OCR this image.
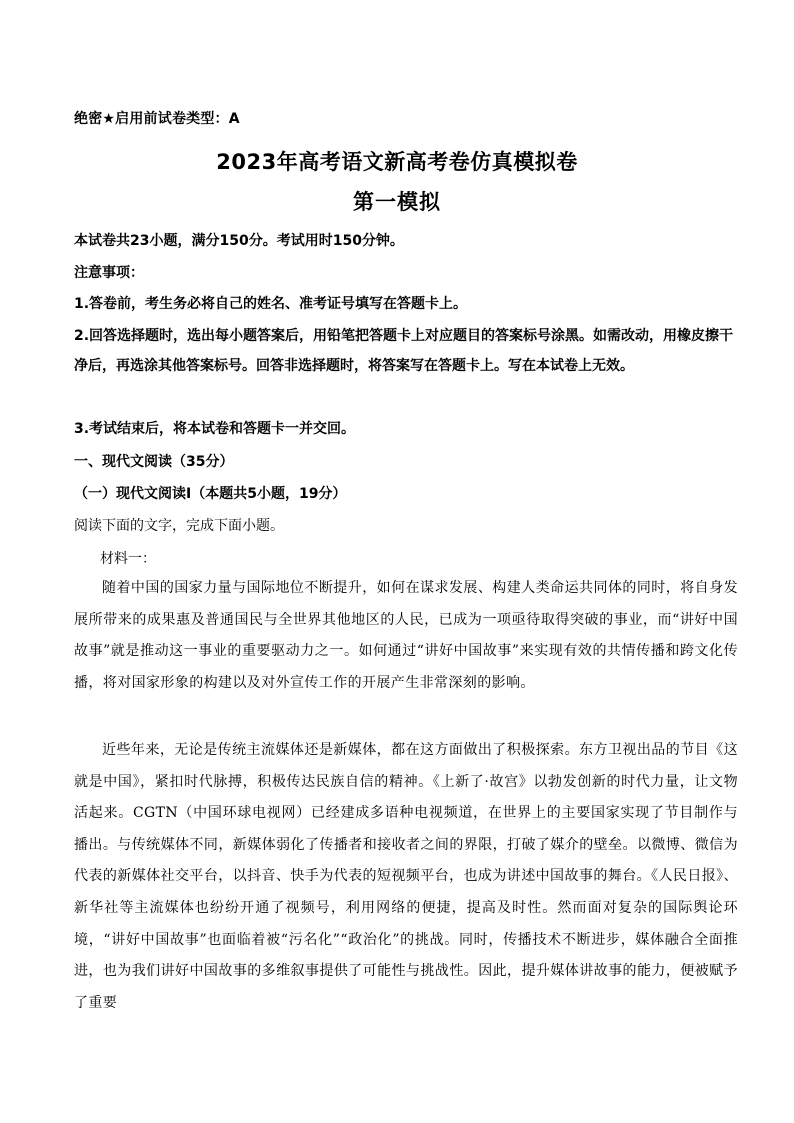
绝密★启用前试卷类型：A
2023年高考语文新高考卷仿真模拟卷
第一模拟
本试卷共23小题，满分150分。考试用时150分钟。
注意事项：
1.答卷前，考生务必将自己的姓名、准考证号填写在答题卡上。
2.回答选择题时，选出每小题答案后，用铅笔把答题卡上对应题目的答案标号涂黑。如需改动，用橡皮擦干净后，再选涂其他答案标号。回答非选择题时，将答案写在答题卡上。写在本试卷上无效。
3.考试结束后，将本试卷和答题卡一并交回。
一、现代文阅读（35分）
（一）现代文阅读Ⅰ（本题共5小题，19分）
阅读下面的文字，完成下面小题。
材料一：
随着中国的国家力量与国际地位不断提升，如何在谋求发展、构建人类命运共同体的同时，将自身发展所带来的成果惠及普通国民与全世界其他地区的人民，已成为一项亟待取得突破的事业，而“讲好中国故事”就是推动这一事业的重要驱动力之一。如何通过“讲好中国故事”来实现有效的共情传播和跨文化传播，将对国家形象的构建以及对外宣传工作的开展产生非常深刻的影响。
近些年来，无论是传统主流媒体还是新媒体，都在这方面做出了积极探索。东方卫视出品的节目《这就是中国》，紧扣时代脉搏，积极传达民族自信的精神。《上新了·故宫》以勃发创新的时代力量，让文物活起来。CGTN（中国环球电视网）已经建成多语种电视频道，在世界上的主要国家实现了节目制作与播出。与传统媒体不同，新媒体弱化了传播者和接收者之间的界限，打破了媒介的壁垒。以微博、微信为代表的新媒体社交平台，以抖音、快手为代表的短视频平台，也成为讲述中国故事的舞台。《人民日报》、新华社等主流媒体也纷纷开通了视频号，利用网络的便捷，提高及时性。然而面对复杂的国际舆论环境，“讲好中国故事”也面临着被“污名化”“政治化”的挑战。同时，传播技术不断进步，媒体融合全面推进，也为我们讲好中国故事的多维叙事提供了可能性与挑战性。因此，提升媒体讲故事的能力，便被赋予了重要
